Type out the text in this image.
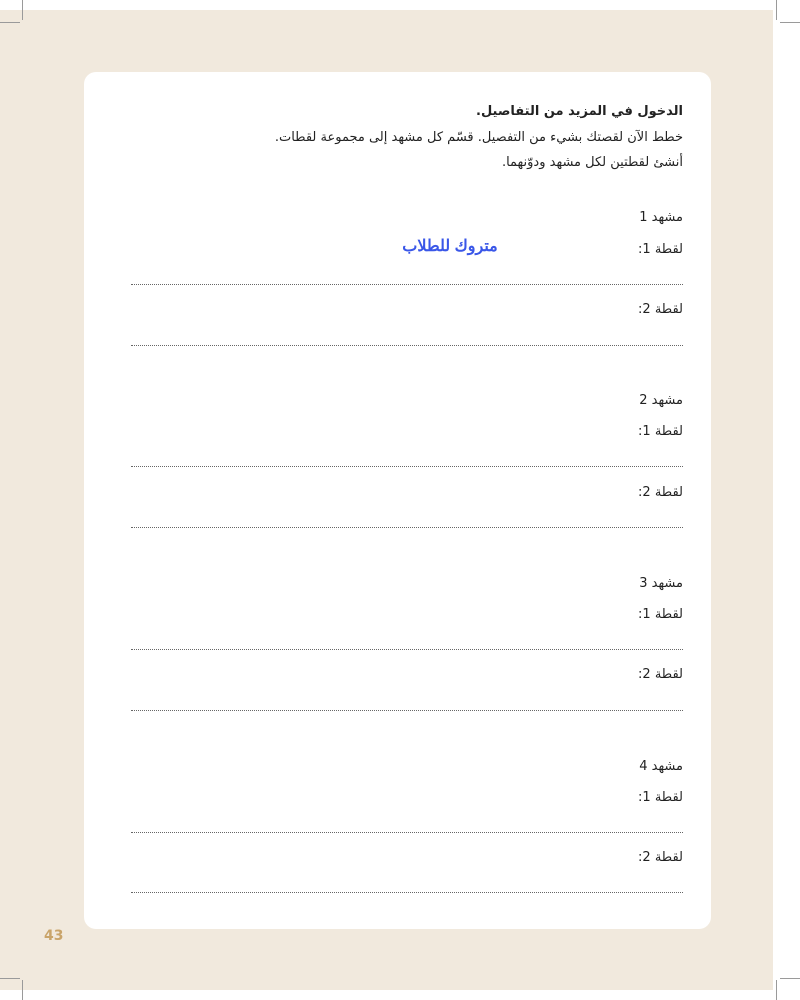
الدخول في المزيد من التفاصيل.
خطط الآن لقصتك بشيء من التفصيل. قسّم كل مشهد إلى مجموعة لقطات.
أنشئ لقطتين لكل مشهد ودوّنهما.
مشهد 1
لقطة 1:
متروك للطلاب
لقطة 2:
مشهد 2
لقطة 1:
لقطة 2:
مشهد 3
لقطة 1:
لقطة 2:
مشهد 4
لقطة 1:
لقطة 2:
43
